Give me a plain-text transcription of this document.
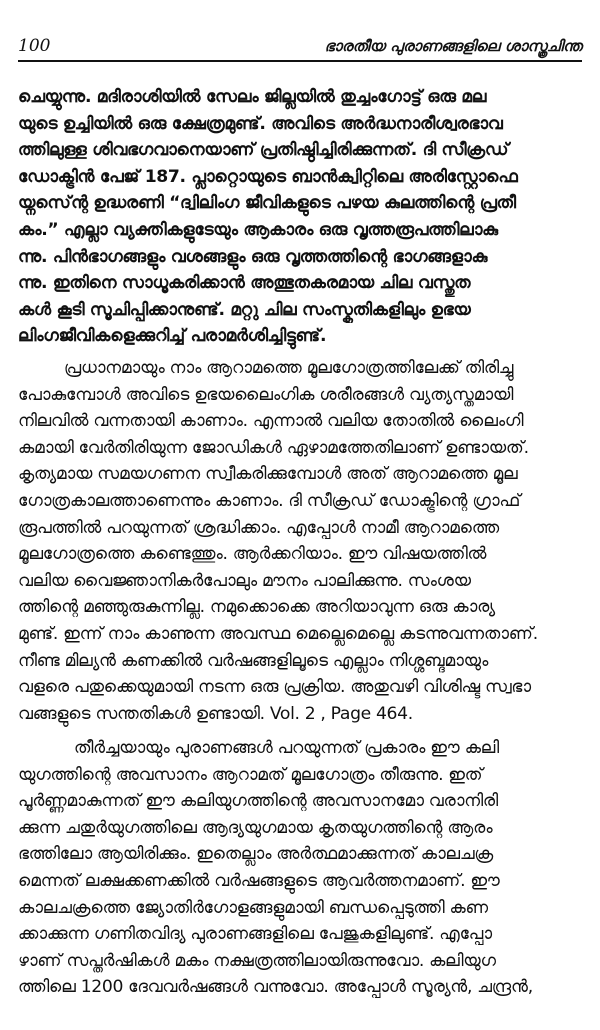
100	ഭാരതീയ പുരാണങ്ങളിലെ ശാസ്ത്രചിന്ത
ചെയ്യുന്നു. മദിരാശിയിൽ സേലം ജില്ലയിൽ തുച്ചംഗോട്ട് ഒരു മല
യുടെ ഉച്ചിയിൽ ഒരു ക്ഷേത്രമുണ്ട്. അവിടെ അർദ്ധനാരീശ്വരഭാവ
ത്തിലുള്ള ശിവഭഗവാനെയാണ് പ്രതിഷ്ഠിച്ചിരിക്കുന്നത്. ദി സീക്രഡ്
ഡോക്ട്രിൻ പേജ് 187. പ്ലാറ്റൊയുടെ ബാൻക്വിറ്റിലെ അരിസ്റ്റോഫെ
യ്നസ്ന്റെ ഉദ്ധരണി “ദ്വിലിംഗ ജീവികളുടെ പഴയ കുലത്തിന്റെ പ്രതീ
കം.” എല്ലാ വ്യക്തികളുടേയും ആകാരം ഒരു വൃത്തരൂപത്തിലാകു
ന്നു. പിൻഭാഗങ്ങളും വശങ്ങളും ഒരു വൃത്തത്തിന്റെ ഭാഗങ്ങളാകു
ന്നു. ഇതിനെ സാധൂകരിക്കാൻ അത്ഭുതകരമായ ചില വസ്തുത
കൾ കൂടി സൂചിപ്പിക്കാനുണ്ട്. മറ്റു ചില സംസ്കൃതികളിലും ഉഭയ
ലിംഗജീവികളെക്കുറിച്ച് പരാമർശിച്ചിട്ടുണ്ട്.
പ്രധാനമായും നാം ആറാമത്തെ മൂലഗോത്രത്തിലേക്ക് തിരിച്ചു
പോകുമ്പോൾ അവിടെ ഉഭയലൈംഗിക ശരീരങ്ങൾ വ്യത്യസ്തമായി
നിലവിൽ വന്നതായി കാണാം. എന്നാൽ വലിയ തോതിൽ ലൈംഗി
കമായി വേർതിരിയുന്ന ജോഡികൾ ഏഴാമത്തേതിലാണ് ഉണ്ടായത്.
കൃത്യമായ സമയഗണന സ്വീകരിക്കുമ്പോൾ അത് ആറാമത്തെ മൂല
ഗോത്രകാലത്താണെന്നും കാണാം. ദി സീക്രഡ് ഡോക്ട്രിന്റെ ഗ്രാഫ്
രൂപത്തിൽ പറയുന്നത് ശ്രദ്ധിക്കാം. എപ്പോൾ നാമീ ആറാമത്തെ
മൂലഗോത്രത്തെ കണ്ടെത്തും. ആർക്കറിയാം. ഈ വിഷയത്തിൽ
വലിയ വൈജ്ഞാനികർപോലും മൗനം പാലിക്കുന്നു. സംശയ
ത്തിന്റെ മഞ്ഞുരുകുന്നില്ല. നമുക്കൊക്കെ അറിയാവുന്ന ഒരു കാര്യ
മുണ്ട്. ഇന്ന് നാം കാണുന്ന അവസ്ഥ മെല്ലെമെല്ലെ കടന്നുവന്നതാണ്.
നീണ്ട മില്യൻ കണക്കിൽ വർഷങ്ങളിലൂടെ എല്ലാം നിശ്ശബ്ദമായും
വളരെ പതുക്കെയുമായി നടന്ന ഒരു പ്രക്രിയ. അതുവഴി വിശിഷ്ട സ്വഭാ
വങ്ങളുടെ സന്തതികൾ ഉണ്ടായി. Vol. 2 , Page 464.
തീർച്ചയായും പുരാണങ്ങൾ പറയുന്നത് പ്രകാരം ഈ കലി
യുഗത്തിന്റെ അവസാനം ആറാമത് മൂലഗോത്രം തീരുന്നു. ഇത്
പൂർണ്ണമാകുന്നത് ഈ കലിയുഗത്തിന്റെ അവസാനമോ വരാനിരി
ക്കുന്ന ചതുർയുഗത്തിലെ ആദ്യയുഗമായ കൃതയുഗത്തിന്റെ ആരം
ഭത്തിലോ ആയിരിക്കും. ഇതെല്ലാം അർത്ഥമാക്കുന്നത് കാലചക്ര
മെന്നത് ലക്ഷക്കണക്കിൽ വർഷങ്ങളുടെ ആവർത്തനമാണ്. ഈ
കാലചക്രത്തെ ജ്യോതിർഗോളങ്ങളുമായി ബന്ധപ്പെടുത്തി കണ
ക്കാക്കുന്ന ഗണിതവിദ്യ പുരാണങ്ങളിലെ പേജുകളിലുണ്ട്. എപ്പോ
ഴാണ് സപ്തർഷികൾ മകം നക്ഷത്രത്തിലായിരുന്നുവോ. കലിയുഗ
ത്തിലെ 1200 ദേവവർഷങ്ങൾ വന്നുവോ. അപ്പോൾ സൂര്യൻ, ചന്ദ്രൻ,
